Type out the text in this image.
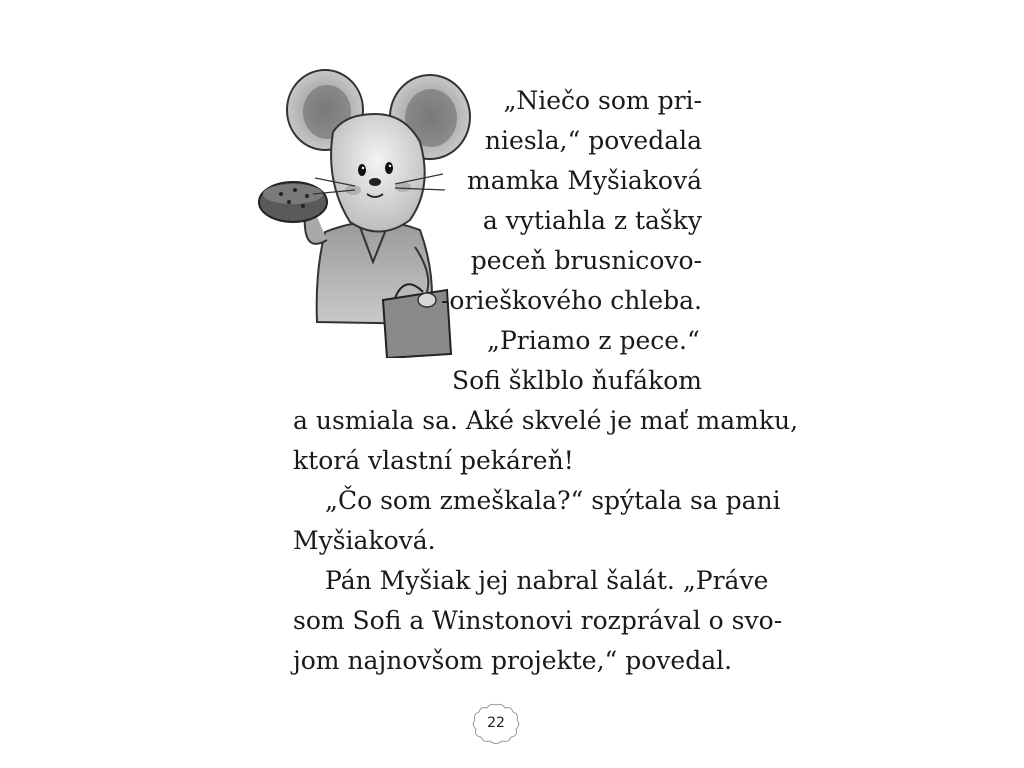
„Niečo som pri-
niesla,“ povedala
mamka Myšiaková
a vytiahla z tašky
peceň brusnicovo-
-orieškového chleba.
„Priamo z pece.“
Sofi šklblo ňufákom
a usmiala sa. Aké skvelé je mať mamku,
ktorá vlastní pekáreň!
„Čo som zmeškala?“ spýtala sa pani
Myšiaková.
Pán Myšiak jej nabral šalát. „Práve
som Sofi a Winstonovi rozprával o svo-
jom najnovšom projekte,“ povedal.
22
